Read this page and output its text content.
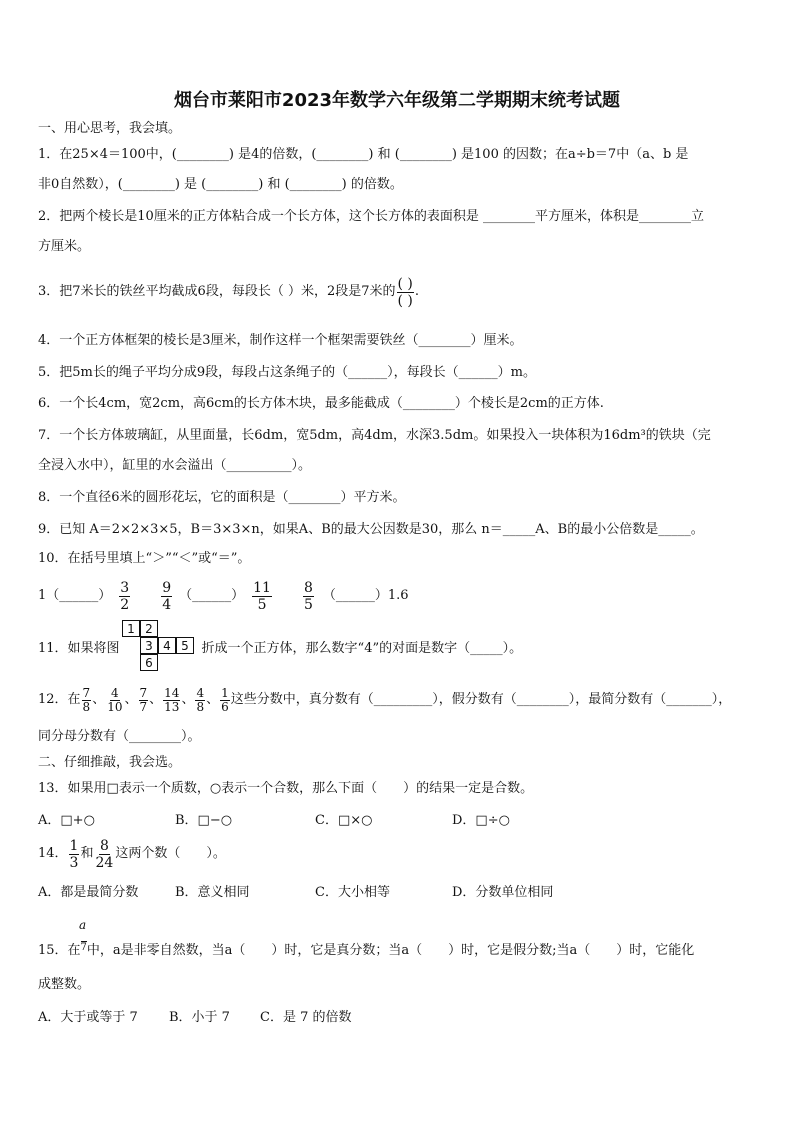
烟台市莱阳市2023年数学六年级第二学期期末统考试题
一、用心思考，我会填。
1．在25×4＝100中，(________) 是4的倍数，(________) 和 (________) 是100 的因数；在a÷b＝7中（a、b 是
非0自然数），(________) 是 (________) 和 (________) 的倍数。
2．把两个棱长是10厘米的正方体粘合成一个长方体，这个长方体的表面积是 ________平方厘米，体积是________立
方厘米。
3．把7米长的铁丝平均截成6段，每段长（ ）米，2段是7米的 $\frac{( )}{( )}$ .
4．一个正方体框架的棱长是3厘米，制作这样一个框架需要铁丝（________）厘米。
5．把5m长的绳子平均分成9段，每段占这条绳子的（______），每段长（______）m。
6．一个长4cm，宽2cm，高6cm的长方体木块，最多能截成（________）个棱长是2cm的正方体.
7．一个长方体玻璃缸，从里面量，长6dm，宽5dm，高4dm，水深3.5dm。如果投入一块体积为16dm³的铁块（完
全浸入水中），缸里的水会溢出（__________）。
8．一个直径6米的圆形花坛，它的面积是（________）平方米。
9．已知 A＝2×2×3×5，B＝3×3×n，如果A、B的最大公因数是30，那么 n＝_____A、B的最小公倍数是_____。
10．在括号里填上“＞”“＜”或“＝”。
1（______） $\frac{3}{2} \frac{9}{4}$ （______） $\frac{11}{5} \frac{8}{5}$ （______）1.6
11．如果将图	折成一个正方体，那么数字“4”的对面是数字（_____）。
1 2
3 4 5
6
12．在 $\frac{7}{8}$ 、 $\frac{4}{10}$ 、 $\frac{7}{7}$ 、 $\frac{14}{13}$ 、 $\frac{4}{8}$ 、 $\frac{1}{6}$ 这些分数中，真分数有（_________），假分数有（________），最简分数有（_______），
同分母分数有（________）。
二、仔细推敲，我会选。
13．如果用□表示一个质数，○表示一个合数，那么下面（　　）的结果一定是合数。
A．□+○	B．□−○	C．□×○	D．□÷○
14． $\frac{1}{3}$ 和 $\frac{8}{24}$ 这两个数（　　）。
A．都是最简分数	B．意义相同	C．大小相等	D．分数单位相同
a
15．在$^7$中，a是非零自然数，当a（　　）时，它是真分数；当a（　　）时，它是假分数;当a（　　）时，它能化
成整数。
A．大于或等于 7 B．小于 7 C．是 7 的倍数
